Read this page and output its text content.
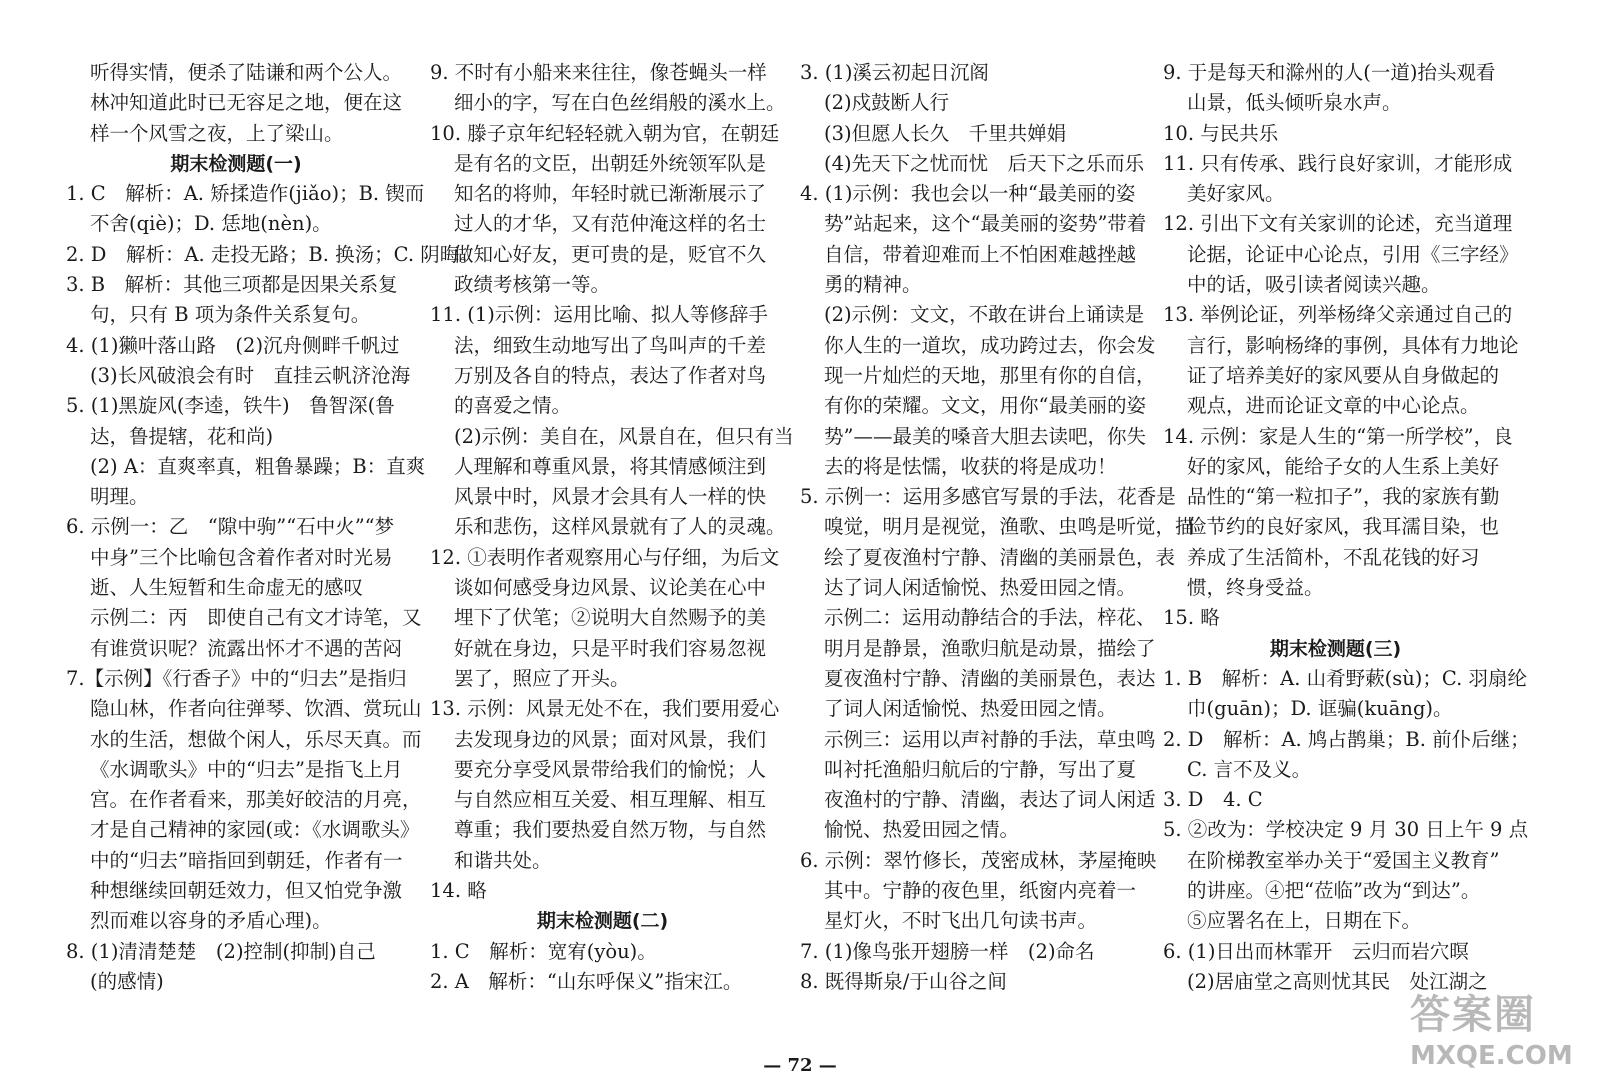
听得实情，便杀了陆谦和两个公人。
林冲知道此时已无容足之地，便在这
样一个风雪之夜，上了梁山。
期末检测题(一)
1. C　解析：A. 矫揉造作(jiǎo)；B. 锲而
不舍(qiè)；D. 恁地(nèn)。
2. D　解析：A. 走投无路；B. 换汤；C. 阴晦。
3. B　解析：其他三项都是因果关系复
句，只有 B 项为条件关系复句。
4. (1)獭叶落山路　(2)沉舟侧畔千帆过
(3)长风破浪会有时　直挂云帆济沧海
5. (1)黑旋风(李逵，铁牛)　鲁智深(鲁
达，鲁提辖，花和尚)
(2) A：直爽率真，粗鲁暴躁；B：直爽
明理。
6. 示例一：乙　“隙中驹”“石中火”“梦
中身”三个比喻包含着作者对时光易
逝、人生短暂和生命虚无的感叹
示例二：丙　即使自己有文才诗笔，又
有谁赏识呢？流露出怀才不遇的苦闷
7.【示例】《行香子》中的“归去”是指归
隐山林，作者向往弹琴、饮酒、赏玩山
水的生活，想做个闲人，乐尽天真。而
《水调歌头》中的“归去”是指飞上月
宫。在作者看来，那美好皎洁的月亮，
才是自己精神的家园(或：《水调歌头》
中的“归去”暗指回到朝廷，作者有一
种想继续回朝廷效力，但又怕党争激
烈而难以容身的矛盾心理)。
8. (1)清清楚楚　(2)控制(抑制)自己
(的感情)
9. 不时有小船来来往往，像苍蝇头一样
细小的字，写在白色丝绢般的溪水上。
10. 滕子京年纪轻轻就入朝为官，在朝廷
是有名的文臣，出朝廷外统领军队是
知名的将帅，年轻时就已渐渐展示了
过人的才华，又有范仲淹这样的名士
做知心好友，更可贵的是，贬官不久
政绩考核第一等。
11. (1)示例：运用比喻、拟人等修辞手
法，细致生动地写出了鸟叫声的千差
万别及各自的特点，表达了作者对鸟
的喜爱之情。
(2)示例：美自在，风景自在，但只有当
人理解和尊重风景，将其情感倾注到
风景中时，风景才会具有人一样的快
乐和悲伤，这样风景就有了人的灵魂。
12. ①表明作者观察用心与仔细，为后文
谈如何感受身边风景、议论美在心中
埋下了伏笔；②说明大自然赐予的美
好就在身边，只是平时我们容易忽视
罢了，照应了开头。
13. 示例：风景无处不在，我们要用爱心
去发现身边的风景；面对风景，我们
要充分享受风景带给我们的愉悦；人
与自然应相互关爱、相互理解、相互
尊重；我们要热爱自然万物，与自然
和谐共处。
14. 略
期末检测题(二)
1. C　解析：宽宥(yòu)。
2. A　解析：“山东呼保义”指宋江。
3. (1)溪云初起日沉阁
(2)戍鼓断人行
(3)但愿人长久　千里共婵娟
(4)先天下之忧而忧　后天下之乐而乐
4. (1)示例：我也会以一种“最美丽的姿
势”站起来，这个“最美丽的姿势”带着
自信，带着迎难而上不怕困难越挫越
勇的精神。
(2)示例：文文，不敢在讲台上诵读是
你人生的一道坎，成功跨过去，你会发
现一片灿烂的天地，那里有你的自信，
有你的荣耀。文文，用你“最美丽的姿
势”——最美的嗓音大胆去读吧，你失
去的将是怯懦，收获的将是成功！
5. 示例一：运用多感官写景的手法，花香是
嗅觉，明月是视觉，渔歌、虫鸣是听觉，描
绘了夏夜渔村宁静、清幽的美丽景色，表
达了词人闲适愉悦、热爱田园之情。
示例二：运用动静结合的手法，梓花、
明月是静景，渔歌归航是动景，描绘了
夏夜渔村宁静、清幽的美丽景色，表达
了词人闲适愉悦、热爱田园之情。
示例三：运用以声衬静的手法，草虫鸣
叫衬托渔船归航后的宁静，写出了夏
夜渔村的宁静、清幽，表达了词人闲适
愉悦、热爱田园之情。
6. 示例：翠竹修长，茂密成林，茅屋掩映
其中。宁静的夜色里，纸窗内亮着一
星灯火，不时飞出几句读书声。
7. (1)像鸟张开翅膀一样　(2)命名
8. 既得斯泉/于山谷之间
9. 于是每天和滁州的人(一道)抬头观看
山景，低头倾听泉水声。
10. 与民共乐
11. 只有传承、践行良好家训，才能形成
美好家风。
12. 引出下文有关家训的论述，充当道理
论据，论证中心论点，引用《三字经》
中的话，吸引读者阅读兴趣。
13. 举例论证，列举杨绛父亲通过自己的
言行，影响杨绛的事例，具体有力地论
证了培养美好的家风要从自身做起的
观点，进而论证文章的中心论点。
14. 示例：家是人生的“第一所学校”，良
好的家风，能给子女的人生系上美好
品性的“第一粒扣子”，我的家族有勤
俭节约的良好家风，我耳濡目染，也
养成了生活简朴，不乱花钱的好习
惯，终身受益。
15. 略
期末检测题(三)
1. B　解析：A. 山肴野蔌(sù)；C. 羽扇纶
巾(guān)；D. 诓骗(kuāng)。
2. D　解析：A. 鸠占鹊巢；B. 前仆后继；
C. 言不及义。
3. D　4. C
5. ②改为：学校决定 9 月 30 日上午 9 点
在阶梯教室举办关于“爱国主义教育”
的讲座。④把“莅临”改为“到达”。
⑤应署名在上，日期在下。
6. (1)日出而林霏开　云归而岩穴暝
(2)居庙堂之高则忧其民　处江湖之
— 72 —
答案圈
MXQE.COM
